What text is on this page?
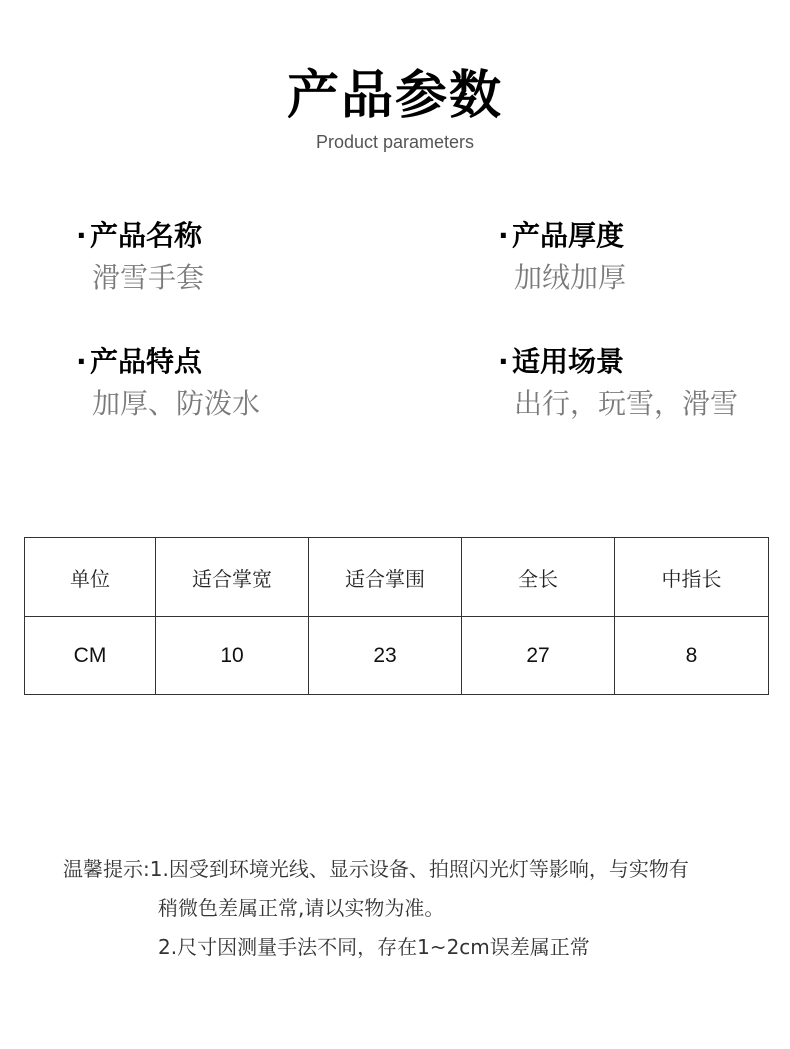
产品参数
Product parameters
· 产品名称
滑雪手套
· 产品厚度
加绒加厚
· 产品特点
加厚、防泼水
· 适用场景
出行，玩雪，滑雪
单位	适合掌宽	适合掌围	全长	中指长
CM	10	23	27	8
温馨提示:1.因受到环境光线、显示设备、拍照闪光灯等影响，与实物有
稍微色差属正常,请以实物为准。
2.尺寸因测量手法不同，存在1~2cm误差属正常
